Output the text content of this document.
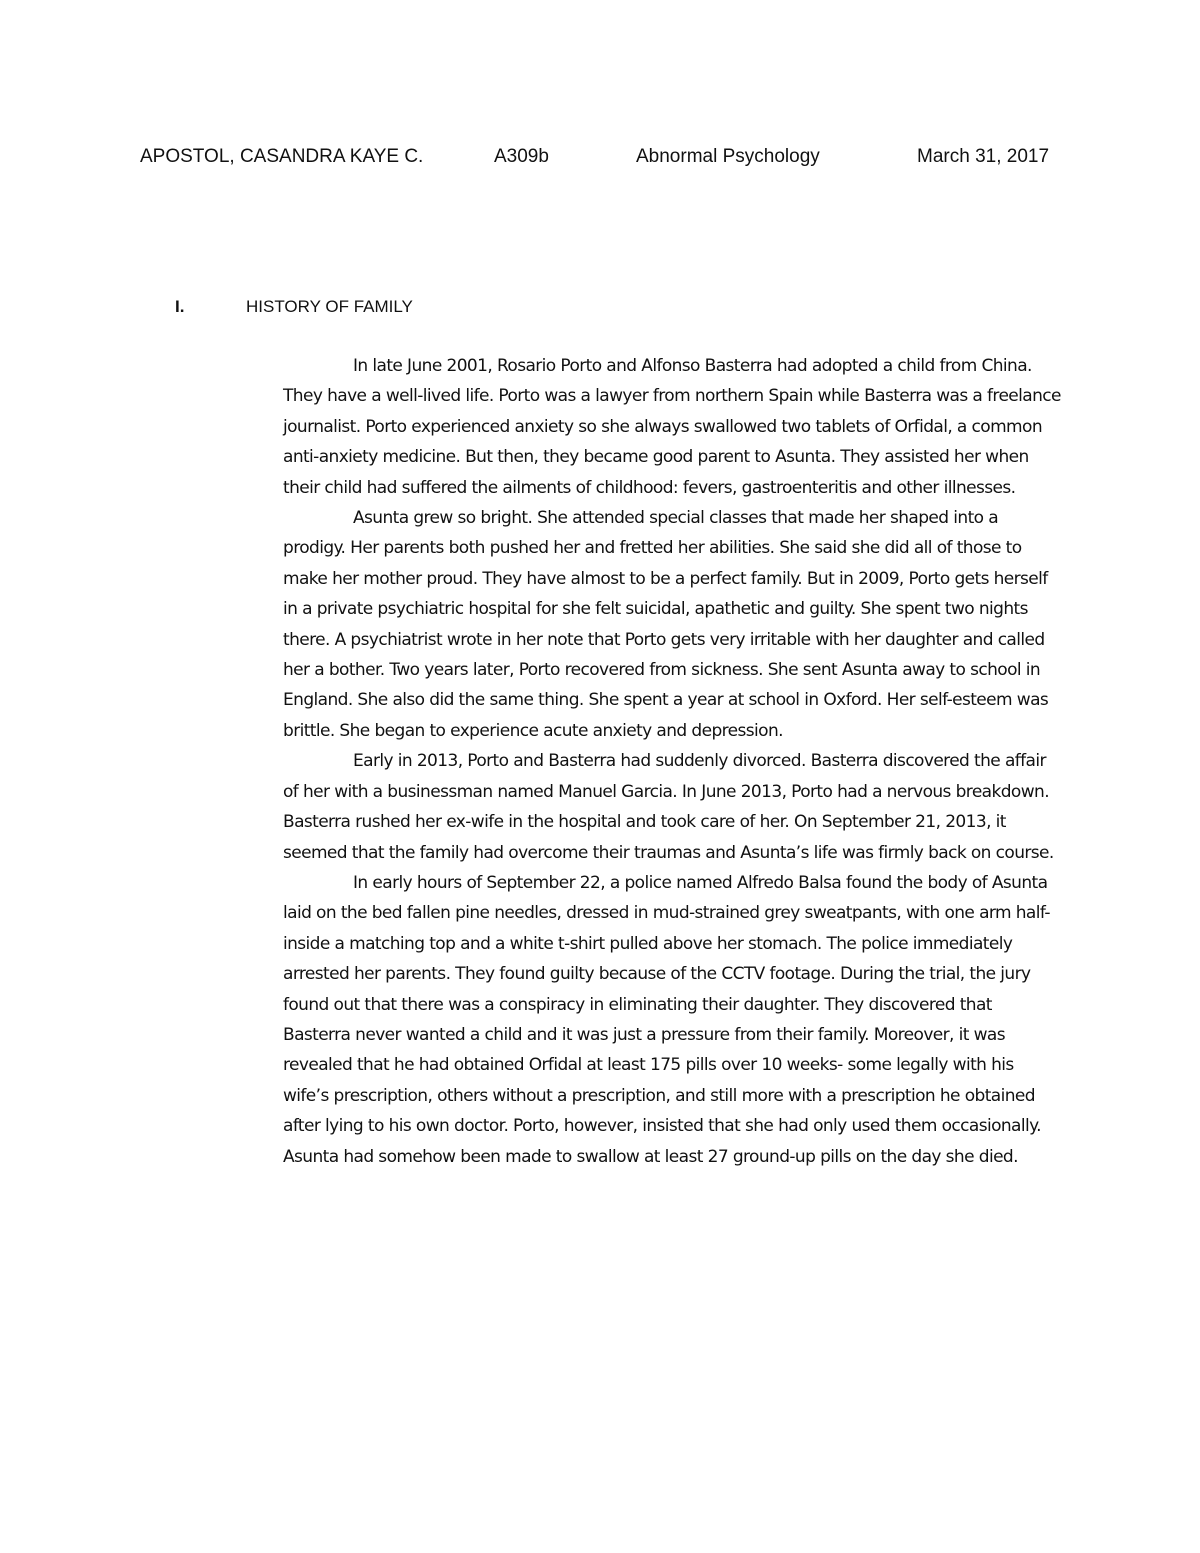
APOSTOL, CASANDRA KAYE C.	A309b	Abnormal Psychology	March 31, 2017
I.	HISTORY OF FAMILY

In late June 2001, Rosario Porto and Alfonso Basterra had adopted a child from China. They have a well-lived life. Porto was a lawyer from northern Spain while Basterra was a freelance journalist. Porto experienced anxiety so she always swallowed two tablets of Orfidal, a common anti-anxiety medicine. But then, they became good parent to Asunta. They assisted her when their child had suffered the ailments of childhood: fevers, gastroenteritis and other illnesses.

Asunta grew so bright. She attended special classes that made her shaped into a prodigy. Her parents both pushed her and fretted her abilities. She said she did all of those to make her mother proud. They have almost to be a perfect family. But in 2009, Porto gets herself in a private psychiatric hospital for she felt suicidal, apathetic and guilty. She spent two nights there. A psychiatrist wrote in her note that Porto gets very irritable with her daughter and called her a bother. Two years later, Porto recovered from sickness. She sent Asunta away to school in England. She also did the same thing. She spent a year at school in Oxford. Her self-esteem was brittle. She began to experience acute anxiety and depression.

Early in 2013, Porto and Basterra had suddenly divorced. Basterra discovered the affair of her with a businessman named Manuel Garcia. In June 2013, Porto had a nervous breakdown. Basterra rushed her ex-wife in the hospital and took care of her. On September 21, 2013, it seemed that the family had overcome their traumas and Asunta’s life was firmly back on course.

In early hours of September 22, a police named Alfredo Balsa found the body of Asunta laid on the bed fallen pine needles, dressed in mud-strained grey sweatpants, with one arm half-inside a matching top and a white t-shirt pulled above her stomach. The police immediately arrested her parents. They found guilty because of the CCTV footage. During the trial, the jury found out that there was a conspiracy in eliminating their daughter. They discovered that Basterra never wanted a child and it was just a pressure from their family. Moreover, it was revealed that he had obtained Orfidal at least 175 pills over 10 weeks- some legally with his wife’s prescription, others without a prescription, and still more with a prescription he obtained after lying to his own doctor. Porto, however, insisted that she had only used them occasionally. Asunta had somehow been made to swallow at least 27 ground-up pills on the day she died.
